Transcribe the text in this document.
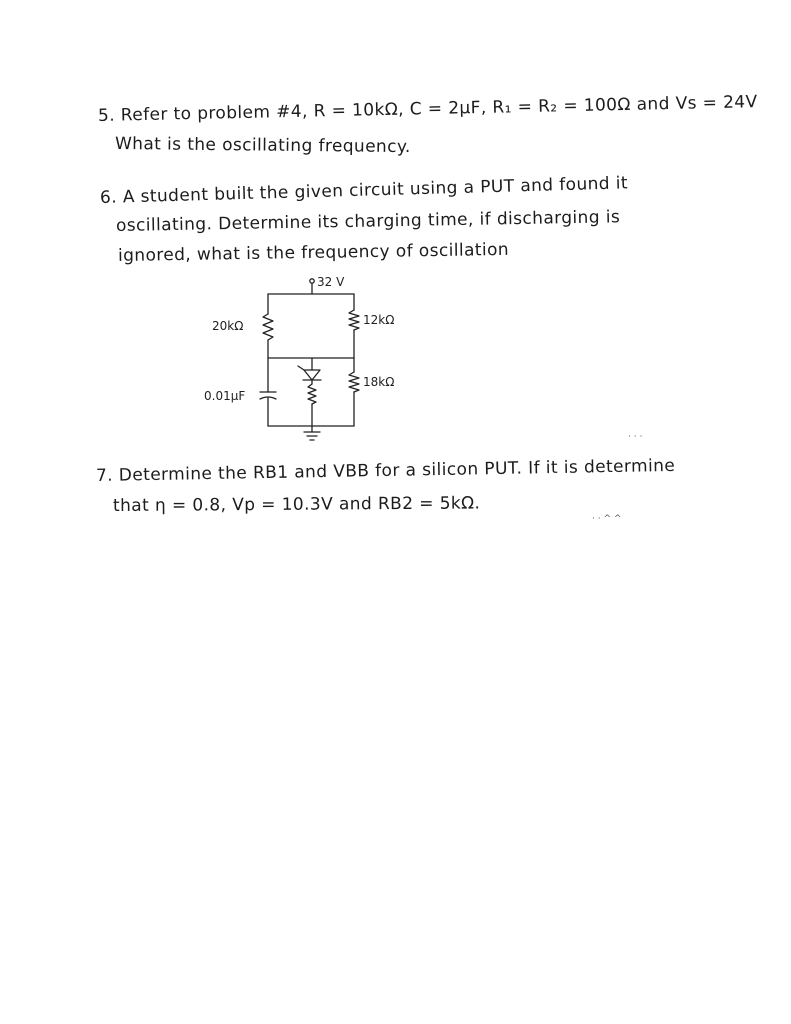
5. Refer to problem #4, R = 10kΩ, C = 2µF, R₁ = R₂ = 100Ω and Vs = 24V
What is the oscillating frequency.
6. A student built the given circuit using a PUT and found it
oscillating. Determine its charging time, if discharging is
ignored, what is the frequency of oscillation
32 V
20kΩ	12kΩ
18kΩ
0.01µF
· · ·
7. Determine the RB1 and VBB for a silicon PUT. If it is determine
that η = 0.8, Vp = 10.3V and RB2 = 5kΩ.
· · ^ ^
